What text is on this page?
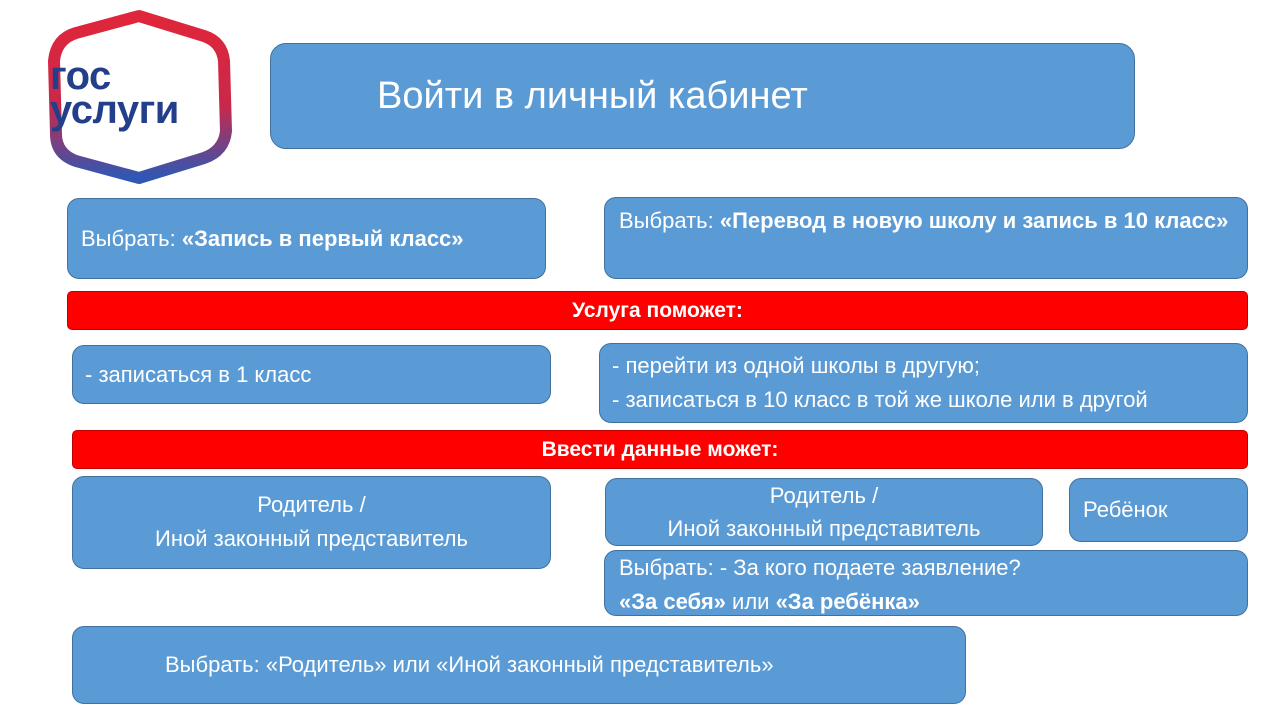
гос
услуги	Войти в личный кабинет
Выбрать: «Запись в первый класс»
Выбрать: «Перевод в новую школу и запись в 10 класс»
Услуга поможет:
- записаться в 1 класс	- перейти из одной школы в другую;
- записаться в 10 класс в той же школе или в другой
Ввести данные может:
Родитель /
Иной законный представитель
Родитель /
Иной законный представитель
Ребёнок
Выбрать: - За кого подаете заявление?
«За себя» или «За ребёнка»
Выбрать: «Родитель» или «Иной законный представитель»
